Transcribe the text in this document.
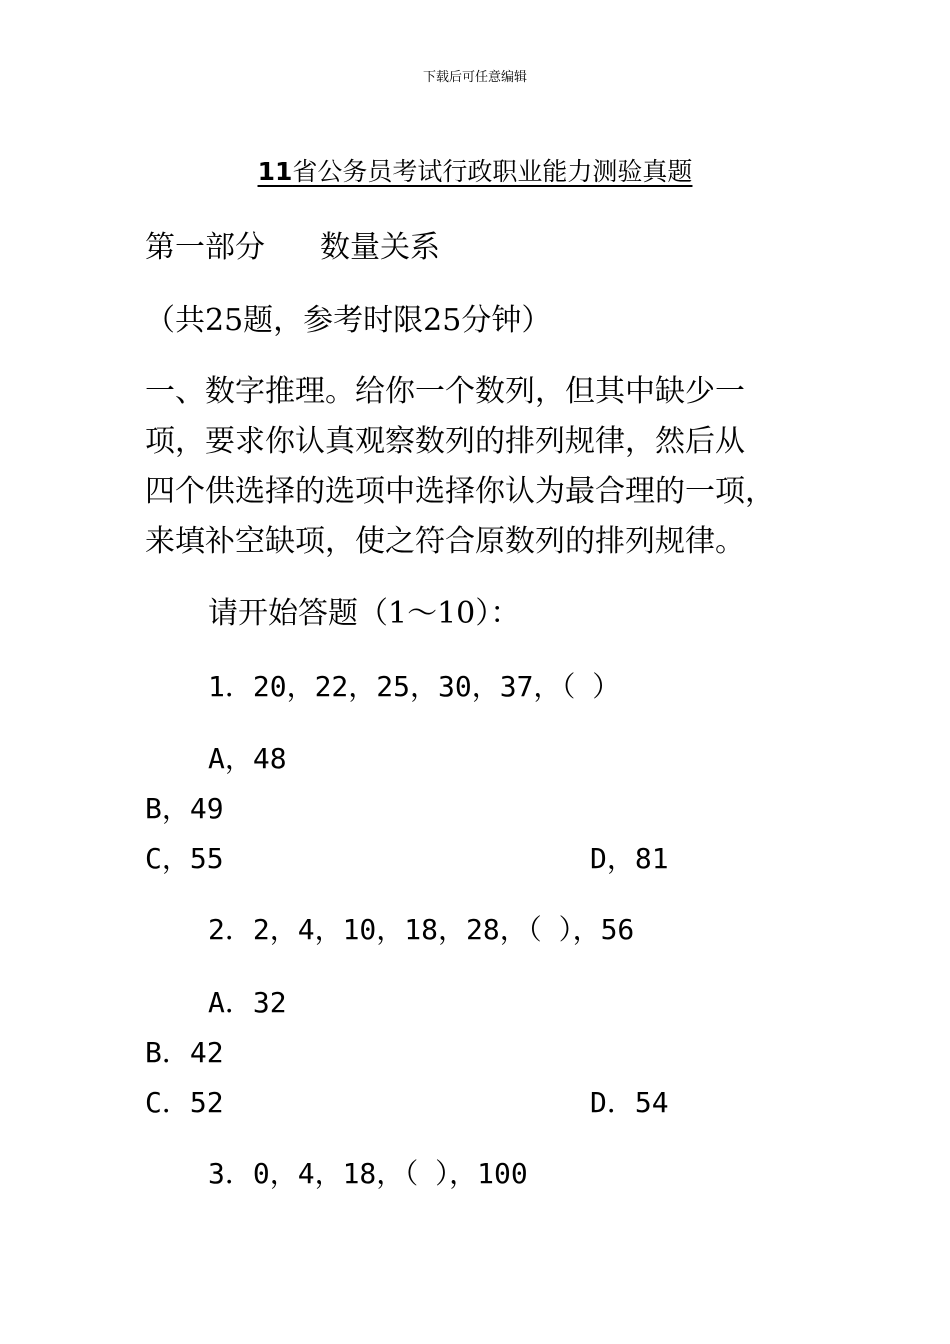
下载后可任意编辑
11省公务员考试行政职业能力测验真题
第一部分 数量关系
（共25题，参考时限25分钟）
一、数字推理。给你一个数列，但其中缺少一
项，要求你认真观察数列的排列规律，然后从
四个供选择的选项中选择你认为最合理的一项，
来填补空缺项，使之符合原数列的排列规律。
请开始答题（1～10）：
1．20，22，25，30，37，（ ）
A，48
B，49
C，55	D，81
2．2，4，10，18，28，（ ），56
A．32
B．42
C．52	D．54
3．0，4，18，（ ），100
